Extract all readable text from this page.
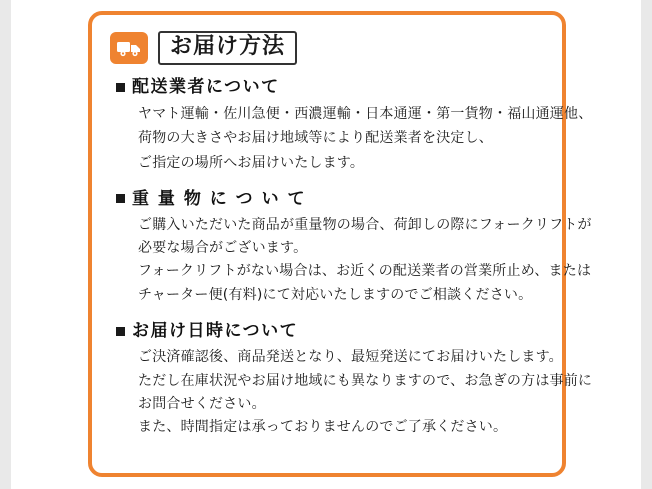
お届け方法
配送業者について
ヤマト運輸・佐川急便・西濃運輸・日本通運・第一貨物・福山通運他、
荷物の大きさやお届け地域等により配送業者を決定し、
ご指定の場所へお届けいたします。
重 量 物 に つ い て
ご購入いただいた商品が重量物の場合、荷卸しの際にフォークリフトが
必要な場合がございます。
フォークリフトがない場合は、お近くの配送業者の営業所止め、または
チャーター便(有料)にて対応いたしますのでご相談ください。
お届け日時について
ご決済確認後、商品発送となり、最短発送にてお届けいたします。
ただし在庫状況やお届け地域にも異なりますので、お急ぎの方は事前に
お問合せください。
また、時間指定は承っておりませんのでご了承ください。
